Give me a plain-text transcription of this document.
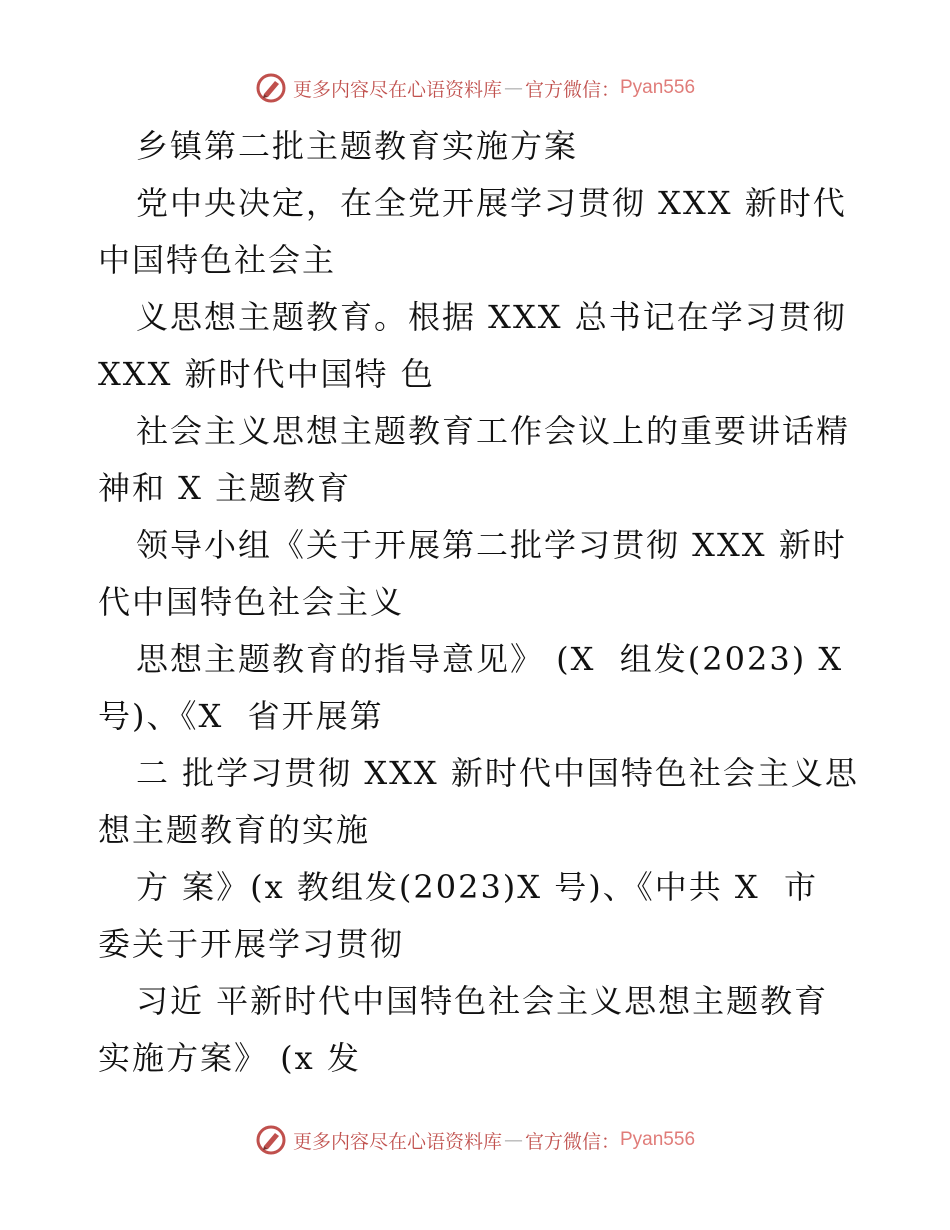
更多内容尽在心语资料库 — 官方微信： Pyan556
乡镇第二批主题教育实施方案
党中央决定，在全党开展学习贯彻 XXX 新时代
中国特色社会主
义思想主题教育。根据 XXX 总书记在学习贯彻
XXX 新时代中国特 色
社会主义思想主题教育工作会议上的重要讲话精
神和 X 主题教育
领导小组《关于开展第二批学习贯彻 XXX 新时
代中国特色社会主义
思想主题教育的指导意见》 (X  组发(2023) X
号)、《X  省开展第
二 批学习贯彻 XXX 新时代中国特色社会主义思
想主题教育的实施
方 案》(x 教组发(2023)X 号)、《中共 X  市
委关于开展学习贯彻
习近 平新时代中国特色社会主义思想主题教育
实施方案》 (x 发
更多内容尽在心语资料库 — 官方微信： Pyan556
